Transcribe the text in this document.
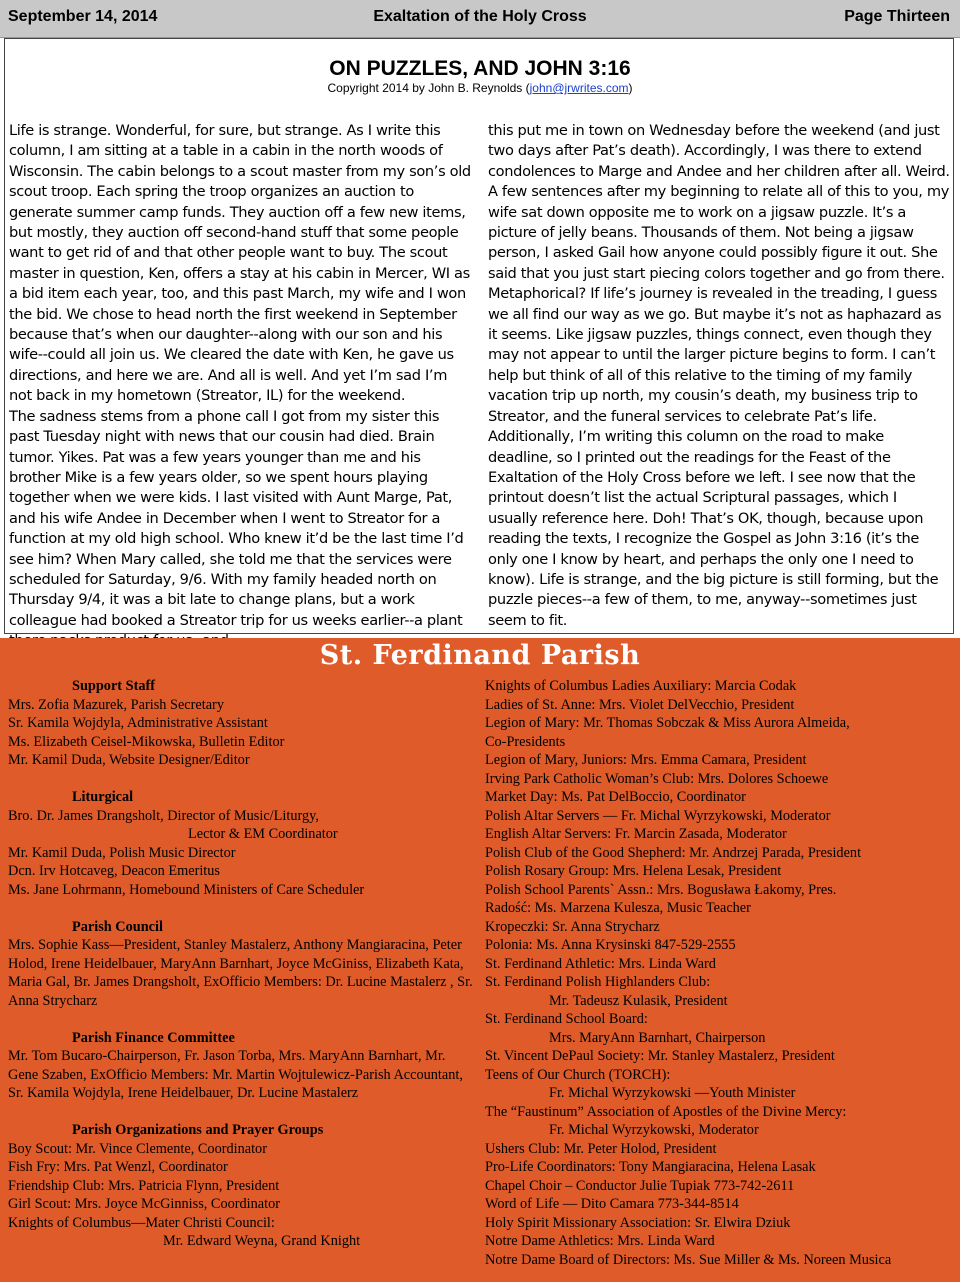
September 14, 2014	Exaltation of the Holy Cross	Page Thirteen
ON PUZZLES, AND JOHN 3:16
Copyright 2014 by John B. Reynolds (john@jrwrites.com)

Life is strange. Wonderful, for sure, but strange. As I write this column, I am sitting at a table in a cabin in the north woods of Wisconsin. The cabin belongs to a scout master from my son’s old scout troop. Each spring the troop organizes an auction to generate summer camp funds. They auction off a few new items, but mostly, they auction off second-hand stuff that some people want to get rid of and that other people want to buy. The scout master in question, Ken, offers a stay at his cabin in Mercer, WI as a bid item each year, too, and this past March, my wife and I won the bid. We chose to head north the first weekend in September because that’s when our daughter--along with our son and his wife--could all join us. We cleared the date with Ken, he gave us directions, and here we are. And all is well. And yet I’m sad I’m not back in my hometown (Streator, IL) for the weekend.

The sadness stems from a phone call I got from my sister this past Tuesday night with news that our cousin had died. Brain tumor. Yikes. Pat was a few years younger than me and his brother Mike is a few years older, so we spent hours playing together when we were kids. I last visited with Aunt Marge, Pat, and his wife Andee in December when I went to Streator for a function at my old high school. Who knew it’d be the last time I’d see him? When Mary called, she told me that the services were scheduled for Saturday, 9/6. With my family headed north on Thursday 9/4, it was a bit late to change plans, but a work colleague had booked a Streator trip for us weeks earlier--a plant

this put me in town on Wednesday before the weekend (and just two days after Pat’s death). Accordingly, I was there to extend condolences to Marge and Andee and her children after all. Weird. A few sentences after my beginning to relate all of this to you, my wife sat down opposite me to work on a jigsaw puzzle. It’s a picture of jelly beans. Thousands of them. Not being a jigsaw person, I asked Gail how anyone could possibly figure it out. She said that you just start piecing colors together and go from there. Metaphorical? If life’s journey is revealed in the treading, I guess we all find our way as we go. But maybe it’s not as haphazard as it seems. Like jigsaw puzzles, things connect, even though they may not appear to until the larger picture begins to form. I can’t help but think of all of this relative to the timing of my family vacation trip up north, my cousin’s death, my business trip to Streator, and the funeral services to celebrate Pat’s life. Additionally, I’m writing this column on the road to make deadline, so I printed out the readings for the Feast of the Exaltation of the Holy Cross before we left. I see now that the printout doesn’t list the actual Scriptural passages, which I usually reference here. Doh! That’s OK, though, because upon reading the texts, I recognize the Gospel as John 3:16 (it’s the only one I know by heart, and perhaps the only one I need to know). Life is strange, and the big picture is still forming, but the puzzle pieces--a few of them, to me, anyway--sometimes just seem to fit.

St. Ferdinand Parish
Support Staff
Mrs. Zofia Mazurek, Parish Secretary
Sr. Kamila Wojdyla, Administrative Assistant
Ms. Elizabeth Ceisel-Mikowska, Bulletin Editor
Mr. Kamil Duda, Website Designer/Editor
Liturgical
Bro. Dr. James Drangsholt, Director of Music/Liturgy,
Lector & EM Coordinator
Mr. Kamil Duda, Polish Music Director
Dcn. Irv Hotcaveg, Deacon Emeritus
Ms. Jane Lohrmann, Homebound Ministers of Care Scheduler
Parish Council
Mrs. Sophie Kass—President, Stanley Mastalerz, Anthony Mangiaracina, Peter Holod, Irene Heidelbauer, MaryAnn Barnhart, Joyce McGiniss, Elizabeth Kata, Maria Gal, Br. James Drangsholt, ExOfficio Members: Dr. Lucine Mastalerz , Sr. Anna Strycharz
Parish Finance Committee
Mr. Tom Bucaro-Chairperson, Fr. Jason Torba, Mrs. MaryAnn Barnhart, Mr. Gene Szaben, ExOfficio Members: Mr. Martin Wojtulewicz-Parish Accountant, Sr. Kamila Wojdyla, Irene Heidelbauer, Dr. Lucine Mastalerz
Parish Organizations and Prayer Groups
Boy Scout: Mr. Vince Clemente, Coordinator
Fish Fry: Mrs. Pat Wenzl, Coordinator
Friendship Club: Mrs. Patricia Flynn, President
Girl Scout: Mrs. Joyce McGinniss, Coordinator
Knights of Columbus—Mater Christi Council:
Mr. Edward Weyna, Grand Knight
Knights of Columbus Ladies Auxiliary: Marcia Codak
Ladies of St. Anne: Mrs. Violet DelVecchio, President
Legion of Mary: Mr. Thomas Sobczak & Miss Aurora Almeida,
Co-Presidents
Legion of Mary, Juniors: Mrs. Emma Camara, President
Irving Park Catholic Woman’s Club: Mrs. Dolores Schoewe
Market Day: Ms. Pat DelBoccio, Coordinator
Polish Altar Servers — Fr. Michal Wyrzykowski, Moderator
English Altar Servers: Fr. Marcin Zasada, Moderator
Polish Club of the Good Shepherd: Mr. Andrzej Parada, President
Polish Rosary Group: Mrs. Helena Lesak, President
Polish School Parents` Assn.: Mrs. Bogusława Łakomy, Pres.
Radość: Ms. Marzena Kulesza, Music Teacher
Kropeczki: Sr. Anna Strycharz
Polonia: Ms. Anna Krysinski 847-529-2555
St. Ferdinand Athletic: Mrs. Linda Ward
St. Ferdinand Polish Highlanders Club:
Mr. Tadeusz Kulasik, President
St. Ferdinand School Board:
Mrs. MaryAnn Barnhart, Chairperson
St. Vincent DePaul Society: Mr. Stanley Mastalerz, President
Teens of Our Church (TORCH):
Fr. Michal Wyrzykowski —Youth Minister
The “Faustinum” Association of Apostles of the Divine Mercy:
Fr. Michal Wyrzykowski, Moderator
Ushers Club: Mr. Peter Holod, President
Pro-Life Coordinators: Tony Mangiaracina, Helena Lasak
Chapel Choir – Conductor Julie Tupiak 773-742-2611
Word of Life — Dito Camara 773-344-8514
Holy Spirit Missionary Association: Sr. Elwira Dziuk
Notre Dame Athletics: Mrs. Linda Ward
Notre Dame Board of Directors: Ms. Sue Miller & Ms. Noreen Musica
